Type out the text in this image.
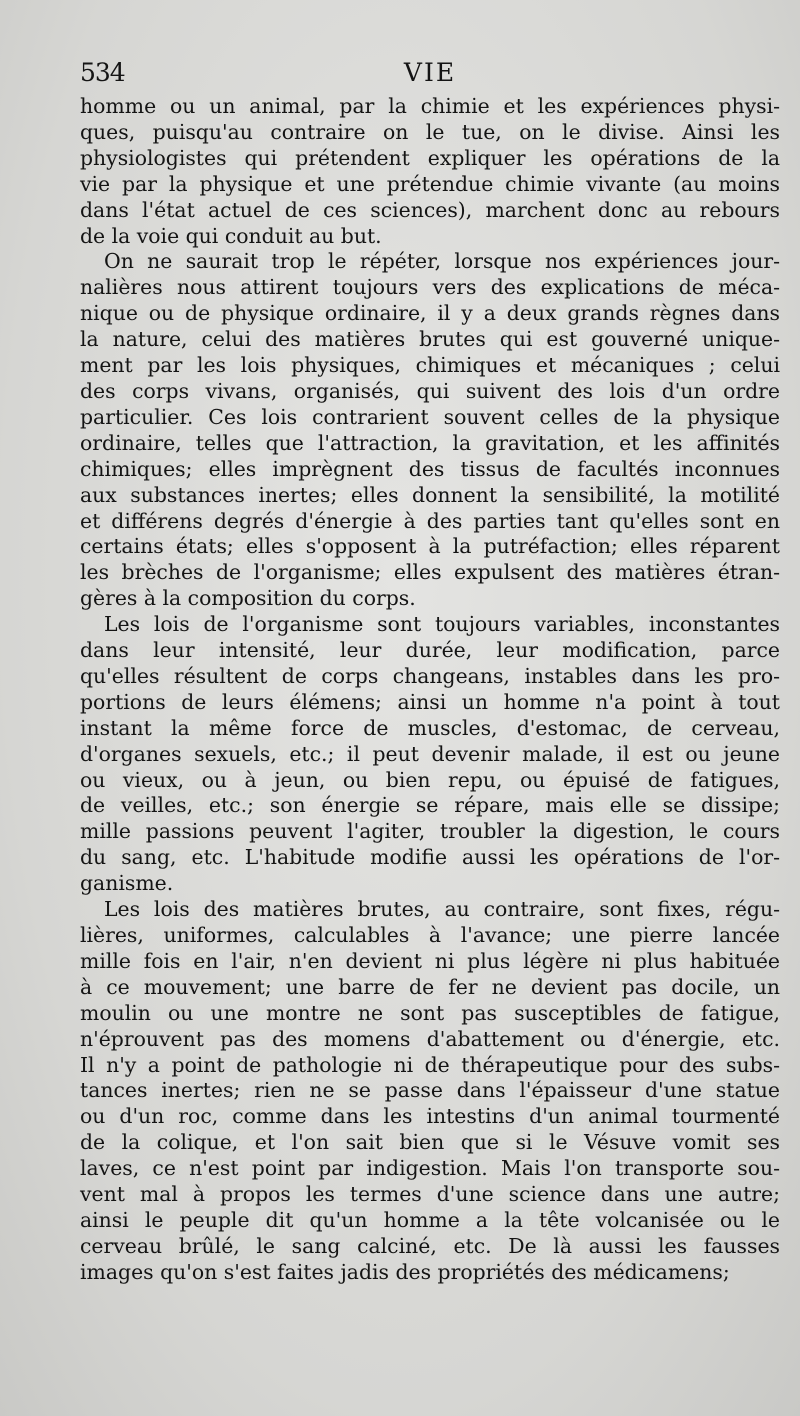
534	VIE

homme ou un animal, par la chimie et les expériences physi-
ques, puisqu'au contraire on le tue, on le divise. Ainsi les
physiologistes qui prétendent expliquer les opérations de la
vie par la physique et une prétendue chimie vivante (au moins
dans l'état actuel de ces sciences), marchent donc au rebours
de la voie qui conduit au but.

On ne saurait trop le répéter, lorsque nos expériences jour-
nalières nous attirent toujours vers des explications de méca-
nique ou de physique ordinaire, il y a deux grands règnes dans
la nature, celui des matières brutes qui est gouverné unique-
ment par les lois physiques, chimiques et mécaniques ; celui
des corps vivans, organisés, qui suivent des lois d'un ordre
particulier. Ces lois contrarient souvent celles de la physique
ordinaire, telles que l'attraction, la gravitation, et les affinités
chimiques; elles imprègnent des tissus de facultés inconnues
aux substances inertes; elles donnent la sensibilité, la motilité
et différens degrés d'énergie à des parties tant qu'elles sont en
certains états; elles s'opposent à la putréfaction; elles réparent
les brèches de l'organisme; elles expulsent des matières étran-
gères à la composition du corps.

Les lois de l'organisme sont toujours variables, inconstantes
dans leur intensité, leur durée, leur modification, parce
qu'elles résultent de corps changeans, instables dans les pro-
portions de leurs élémens; ainsi un homme n'a point à tout
instant la même force de muscles, d'estomac, de cerveau,
d'organes sexuels, etc.; il peut devenir malade, il est ou jeune
ou vieux, ou à jeun, ou bien repu, ou épuisé de fatigues,
de veilles, etc.; son énergie se répare, mais elle se dissipe;
mille passions peuvent l'agiter, troubler la digestion, le cours
du sang, etc. L'habitude modifie aussi les opérations de l'or-
ganisme.

Les lois des matières brutes, au contraire, sont fixes, régu-
lières, uniformes, calculables à l'avance; une pierre lancée
mille fois en l'air, n'en devient ni plus légère ni plus habituée
à ce mouvement; une barre de fer ne devient pas docile, un
moulin ou une montre ne sont pas susceptibles de fatigue,
n'éprouvent pas des momens d'abattement ou d'énergie, etc.
Il n'y a point de pathologie ni de thérapeutique pour des subs-
tances inertes; rien ne se passe dans l'épaisseur d'une statue
ou d'un roc, comme dans les intestins d'un animal tourmenté
de la colique, et l'on sait bien que si le Vésuve vomit ses
laves, ce n'est point par indigestion. Mais l'on transporte sou-
vent mal à propos les termes d'une science dans une autre;
ainsi le peuple dit qu'un homme a la tête volcanisée ou le
cerveau brûlé, le sang calciné, etc. De là aussi les fausses
images qu'on s'est faites jadis des propriétés des médicamens;
